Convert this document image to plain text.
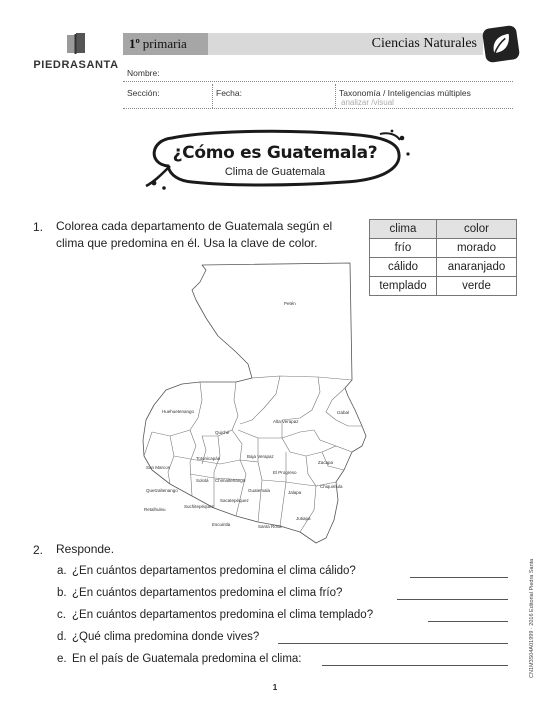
PIEDRASANTA
1º primaria	Ciencias Naturales
Nombre:
Sección:	Fecha:	Taxonomía / Inteligencias múltiples
analizar /visual
¿Cómo es Guatemala?
Clima de Guatemala
1. Colorea cada departamento de Guatemala según el
clima que predomina en él. Usa la clave de color.
clima	color
frío	morado
cálido	anaranjado
templado	verde
Petén
Huehuetenango
Quiché
Alta Verapaz
Izabal
Baja Verapaz
El Progreso
Zacapa
San Marcos
Totonicapán
Sololá Chimaltenango
Quetzaltenango	Guatemala	Jalapa
Chiquimula
Retalhuleu
Suchitepéquez
Sacatepéquez
Escuintla
Jutiapa
Santa Rosa
2. Responde.
a. ¿En cuántos departamentos predomina el clima cálido?
b. ¿En cuántos departamentos predomina el clima frío?
c. ¿En cuántos departamentos predomina el clima templado?
d. ¿Qué clima predomina donde vives?
e. En el país de Guatemala predomina el clima:	CN1M3S04A01999 · 2016 Editorial Piedra Santa
1
